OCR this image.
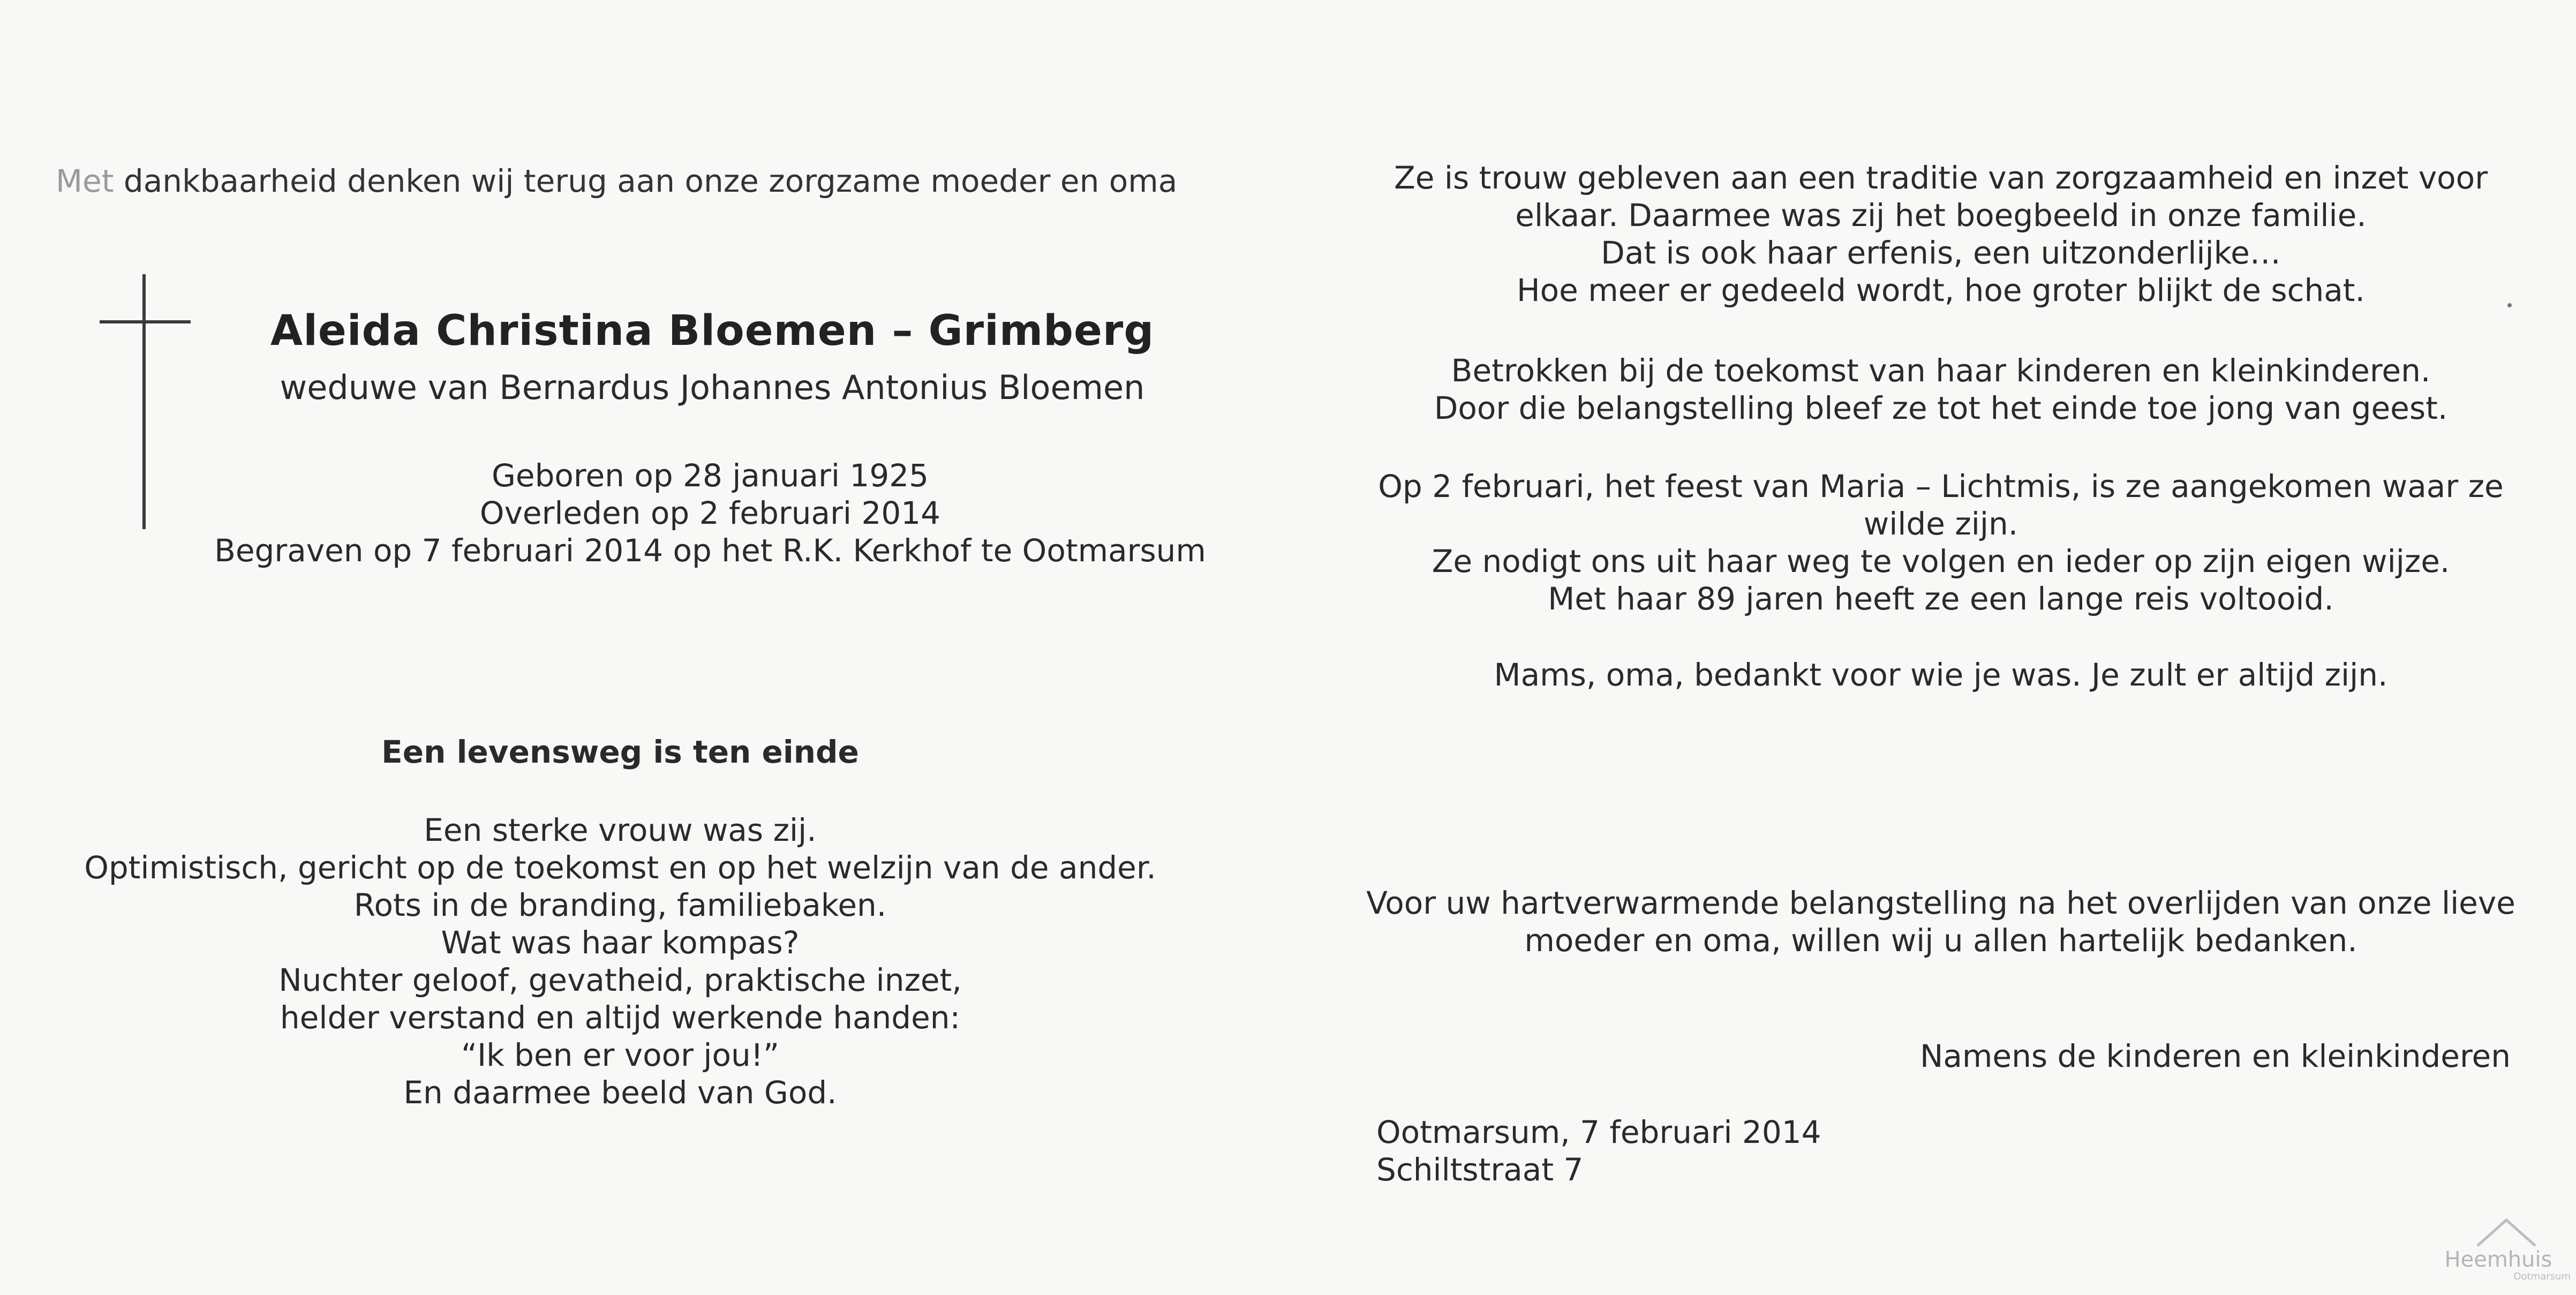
Met dankbaarheid denken wij terug aan onze zorgzame moeder en oma
Aleida Christina Bloemen – Grimberg
weduwe van Bernardus Johannes Antonius Bloemen
Geboren op 28 januari 1925
Overleden op 2 februari 2014
Begraven op 7 februari 2014 op het R.K. Kerkhof te Ootmarsum
Een levensweg is ten einde
Een sterke vrouw was zij.
Optimistisch, gericht op de toekomst en op het welzijn van de ander.
Rots in de branding, familiebaken.
Wat was haar kompas?
Nuchter geloof, gevatheid, praktische inzet,
helder verstand en altijd werkende handen:
“Ik ben er voor jou!”
En daarmee beeld van God.
Ze is trouw gebleven aan een traditie van zorgzaamheid en inzet voor
elkaar. Daarmee was zij het boegbeeld in onze familie.
Dat is ook haar erfenis, een uitzonderlijke…
Hoe meer er gedeeld wordt, hoe groter blijkt de schat.
Betrokken bij de toekomst van haar kinderen en kleinkinderen.
Door die belangstelling bleef ze tot het einde toe jong van geest.
Op 2 februari, het feest van Maria – Lichtmis, is ze aangekomen waar ze
wilde zijn.
Ze nodigt ons uit haar weg te volgen en ieder op zijn eigen wijze.
Met haar 89 jaren heeft ze een lange reis voltooid.
Mams, oma, bedankt voor wie je was. Je zult er altijd zijn.
Voor uw hartverwarmende belangstelling na het overlijden van onze lieve
moeder en oma, willen wij u allen hartelijk bedanken.
Namens de kinderen en kleinkinderen
Ootmarsum, 7 februari 2014
Schiltstraat 7
Heemhuis
Ootmarsum
